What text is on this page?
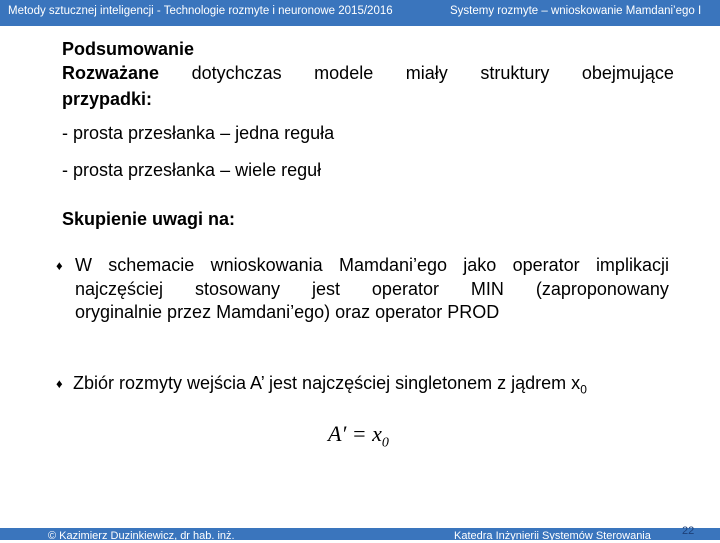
Metody sztucznej inteligencji - Technologie rozmyte i neuronowe 2015/2016	Systemy rozmyte – wnioskowanie Mamdani’ego I
Podsumowanie
Rozważane dotychczas modele miały struktury obejmujące
przypadki:
- prosta przesłanka – jedna reguła
- prosta przesłanka – wiele reguł
Skupienie uwagi na:
♦ W schemacie wnioskowania Mamdani’ego jako operator implikacji
najczęściej stosowany jest operator MIN (zaproponowany
oryginalnie przez Mamdani’ego) oraz operator PROD
♦ Zbiór rozmyty wejścia A’ jest najczęściej singletonem z jądrem $x_0$
$A' = x_0$
© Kazimierz Duzinkiewicz, dr hab. inż.	Katedra Inżynierii Systemów Sterowania	22
